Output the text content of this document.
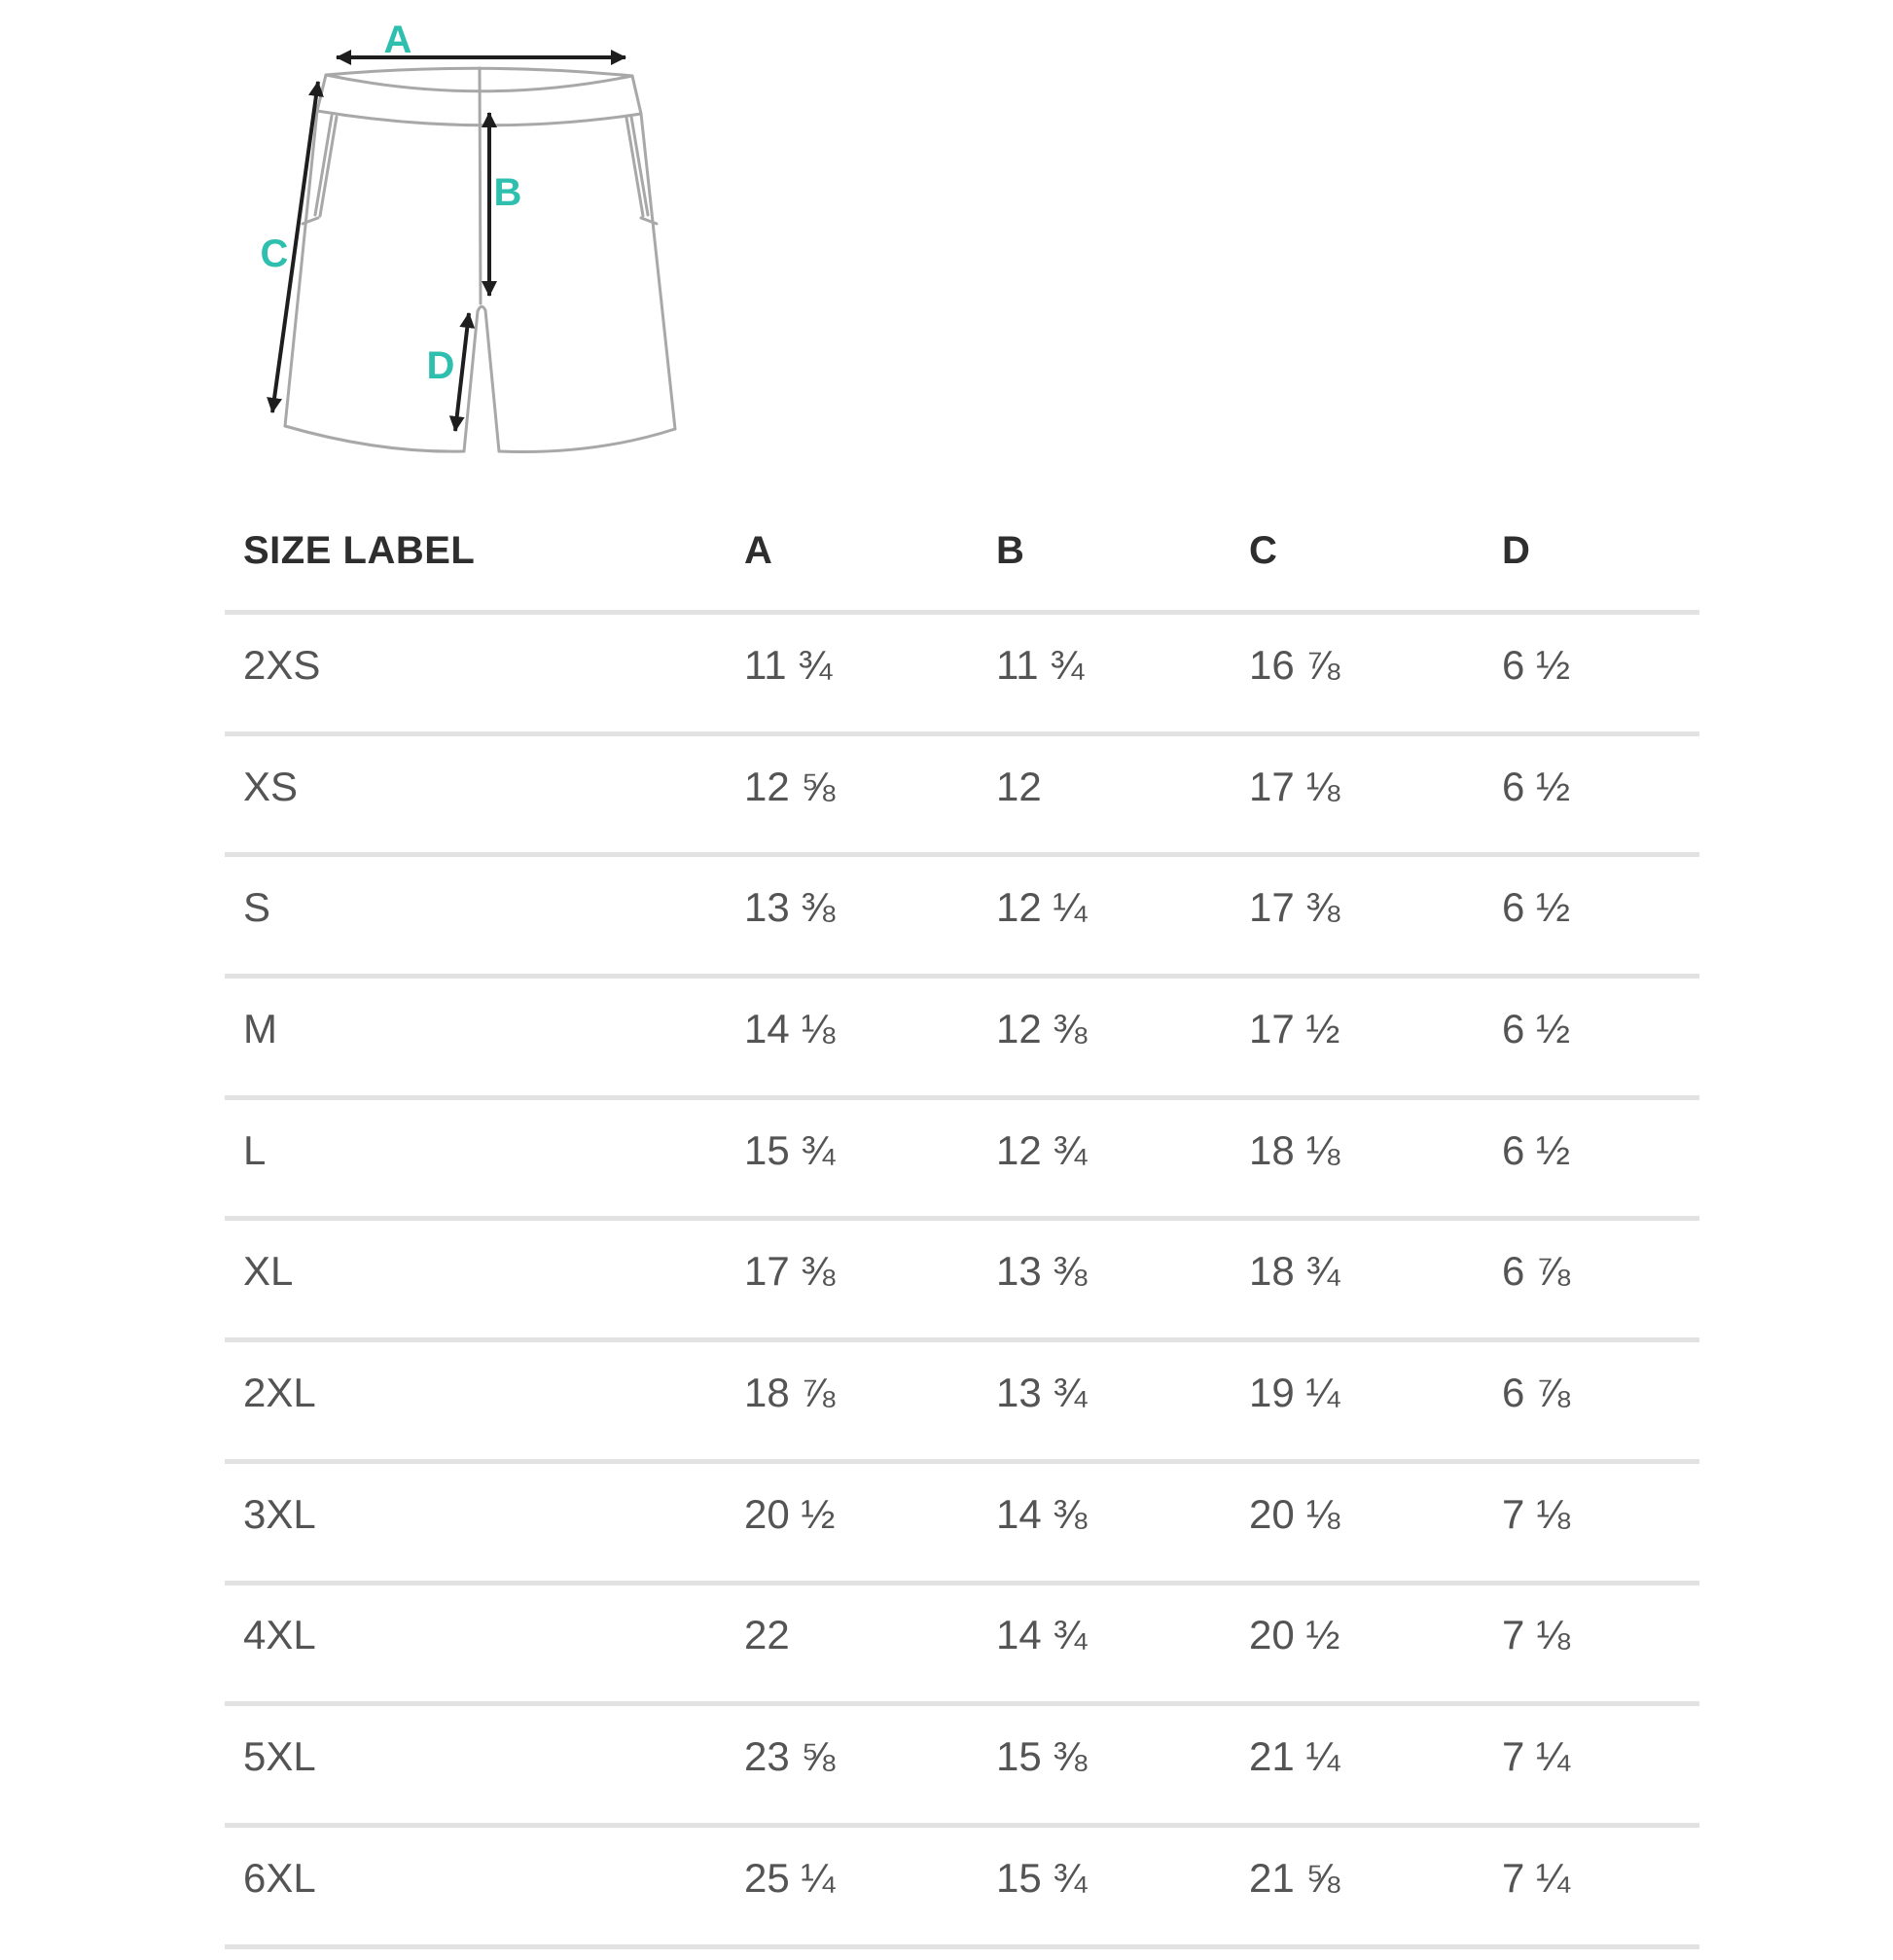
A
B
C
D
SIZE LABEL	A	B	C	D
2XS	11 ¾	11 ¾	16 ⅞	6 ½
XS	12 ⅝	12	17 ⅛	6 ½
S	13 ⅜	12 ¼	17 ⅜	6 ½
M	14 ⅛	12 ⅜	17 ½	6 ½
L	15 ¾	12 ¾	18 ⅛	6 ½
XL	17 ⅜	13 ⅜	18 ¾	6 ⅞
2XL	18 ⅞	13 ¾	19 ¼	6 ⅞
3XL	20 ½	14 ⅜	20 ⅛	7 ⅛
4XL	22	14 ¾	20 ½	7 ⅛
5XL	23 ⅝	15 ⅜	21 ¼	7 ¼
6XL	25 ¼	15 ¾	21 ⅝	7 ¼
